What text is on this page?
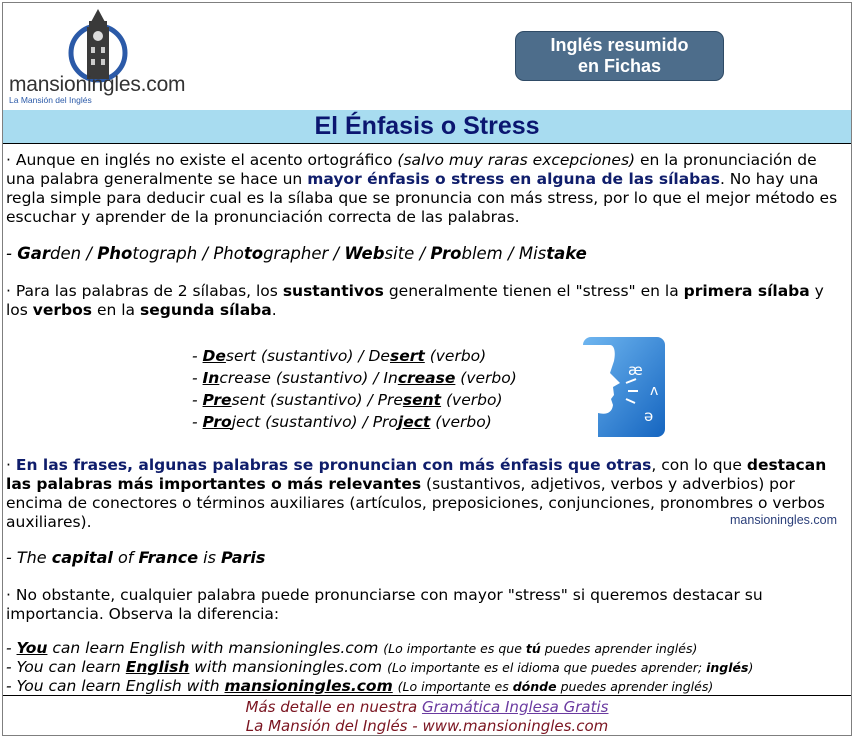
mansioningles.com
La Mansión del Inglés
Inglés resumido
en Fichas
El Énfasis o Stress
· Aunque en inglés no existe el acento ortográfico (salvo muy raras excepciones) en la pronunciación de una palabra generalmente se hace un mayor énfasis o stress en alguna de las sílabas. No hay una regla simple para deducir cual es la sílaba que se pronuncia con más stress, por lo que el mejor método es escuchar y aprender de la pronunciación correcta de las palabras.
- Garden / Photograph / Photographer / Website / Problem / Mistake
· Para las palabras de 2 sílabas, los sustantivos generalmente tienen el "stress" en la primera sílaba y los verbos en la segunda sílaba.
- Desert (sustantivo) / Desert (verbo)
- Increase (sustantivo) / Increase (verbo)
- Present (sustantivo) / Present (verbo)
- Project (sustantivo) / Project (verbo)
· En las frases, algunas palabras se pronuncian con más énfasis que otras, con lo que destacan las palabras más importantes o más relevantes (sustantivos, adjetivos, verbos y adverbios) por encima de conectores o términos auxiliares (artículos, preposiciones, conjunciones, pronombres o verbos auxiliares).
- The capital of France is Paris
· No obstante, cualquier palabra puede pronunciarse con mayor "stress" si queremos destacar su importancia. Observa la diferencia:
- You can learn English with mansioningles.com (Lo importante es que tú puedes aprender inglés)
- You can learn English with mansioningles.com (Lo importante es el idioma que puedes aprender; inglés)
- You can learn English with mansioningles.com (Lo importante es dónde puedes aprender inglés)
æ
ʌ
ə
mansioningles.com
Más detalle en nuestra Gramática Inglesa Gratis
La Mansión del Inglés - www.mansioningles.com
